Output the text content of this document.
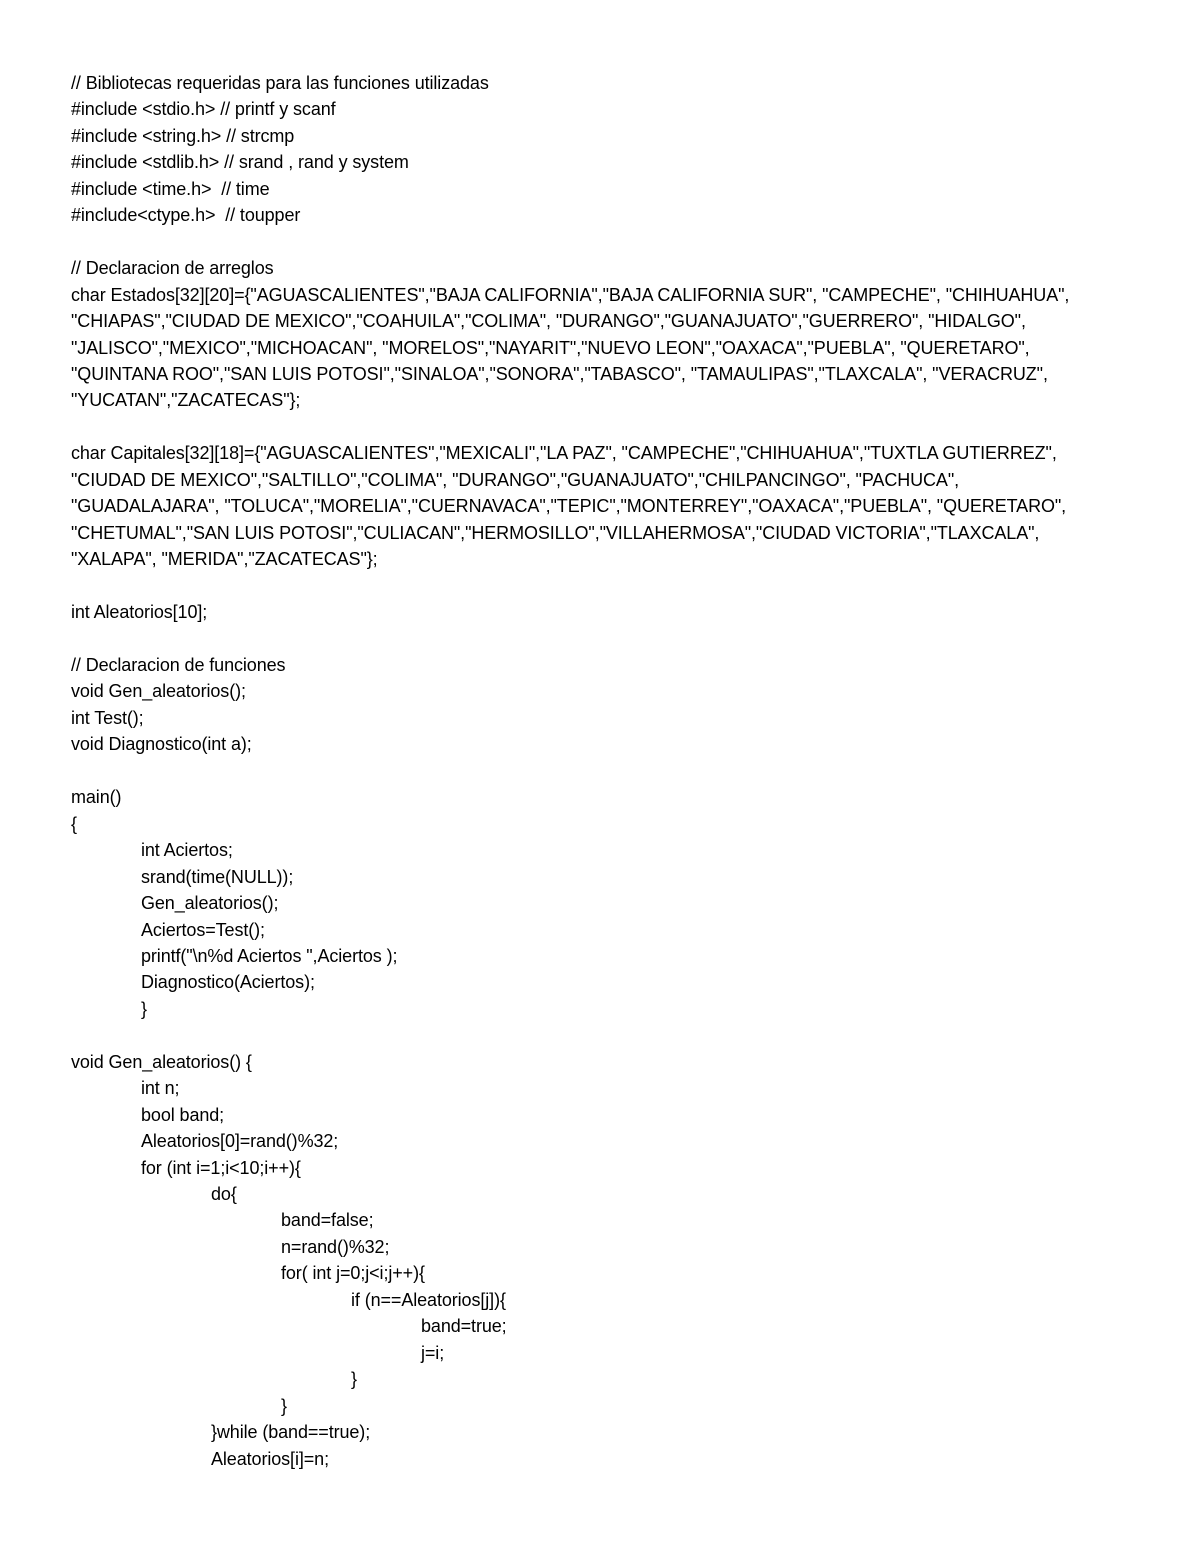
// Bibliotecas requeridas para las funciones utilizadas
#include <stdio.h> // printf y scanf
#include <string.h> // strcmp
#include <stdlib.h> // srand , rand y system
#include <time.h>  // time
#include<ctype.h>  // toupper

// Declaracion de arreglos
char Estados[32][20]={"AGUASCALIENTES","BAJA CALIFORNIA","BAJA CALIFORNIA SUR", "CAMPECHE", "CHIHUAHUA",
"CHIAPAS","CIUDAD DE MEXICO","COAHUILA","COLIMA", "DURANGO","GUANAJUATO","GUERRERO", "HIDALGO",
"JALISCO","MEXICO","MICHOACAN", "MORELOS","NAYARIT","NUEVO LEON","OAXACA","PUEBLA", "QUERETARO",
"QUINTANA ROO","SAN LUIS POTOSI","SINALOA","SONORA","TABASCO", "TAMAULIPAS","TLAXCALA", "VERACRUZ",
"YUCATAN","ZACATECAS"};

char Capitales[32][18]={"AGUASCALIENTES","MEXICALI","LA PAZ", "CAMPECHE","CHIHUAHUA","TUXTLA GUTIERREZ",
"CIUDAD DE MEXICO","SALTILLO","COLIMA", "DURANGO","GUANAJUATO","CHILPANCINGO", "PACHUCA",
"GUADALAJARA", "TOLUCA","MORELIA","CUERNAVACA","TEPIC","MONTERREY","OAXACA","PUEBLA", "QUERETARO",
"CHETUMAL","SAN LUIS POTOSI","CULIACAN","HERMOSILLO","VILLAHERMOSA","CIUDAD VICTORIA","TLAXCALA",
"XALAPA", "MERIDA","ZACATECAS"};

int Aleatorios[10];

// Declaracion de funciones
void Gen_aleatorios();
int Test();
void Diagnostico(int a);

main()
{
int Aciertos;
srand(time(NULL));
Gen_aleatorios();
Aciertos=Test();
printf("\n%d Aciertos ",Aciertos );
Diagnostico(Aciertos);
}

void Gen_aleatorios() {
int n;
bool band;
Aleatorios[0]=rand()%32;
for (int i=1;i<10;i++){
do{
band=false;
n=rand()%32;
for( int j=0;j<i;j++){
if (n==Aleatorios[j]){
band=true;
j=i;
}
}
}while (band==true);
Aleatorios[i]=n;
